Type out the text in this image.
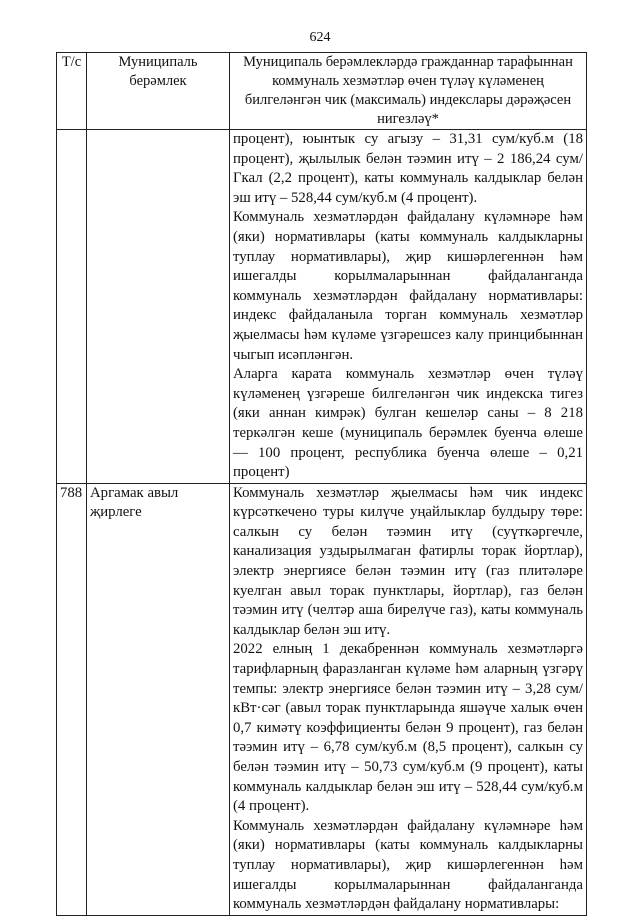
624
Т/с	Муниципаль берәмлек	Муниципаль берәмлекләрдә гражданнар тарафыннан коммуналь хезмәтләр өчен түләү күләменең билгеләнгән чик (максималь) индекслары дәрәҗәсен нигезләү*

		процент), юынтык су агызу – 31,31 сум/куб.м (18 процент), җылылык белән тәэмин итү – 2 186,24 сум/Гкал (2,2 процент), каты коммуналь калдыклар белән эш итү – 528,44 сум/куб.м (4 процент).

Коммуналь хезмәтләрдән файдалану күләмнәре һәм (яки) нормативлары (каты коммуналь калдыкларны туплау нормативлары), җир кишәрлегеннән һәм ишегалды корылмаларыннан файдаланганда коммуналь хезмәтләрдән файдалану нормативлары: индекс файдаланыла торган коммуналь хезмәтләр җыелмасы һәм күләме үзгәрешсез калу принцибыннан чыгып исәпләнгән.

Аларга карата коммуналь хезмәтләр өчен түләү күләменең үзгәреше билгеләнгән чик индекска тигез (яки аннан кимрәк) булган кешеләр саны – 8 218 теркәлгән кеше (муниципаль берәмлек буенча өлеше — 100 процент, республика буенча өлеше – 0,21 процент)

788	Аргамак авыл җирлеге	Коммуналь хезмәтләр җыелмасы һәм чик индекс күрсәткечено туры килүче уңайлыклар булдыру төре: салкын су белән тәэмин итү (суүткәргечле, канализация уздырылмаган фатирлы торак йортлар), электр энергиясе белән тәэмин итү (газ плитәләре куелган авыл торак пунктлары, йортлар), газ белән тәэмин итү (челтәр аша бирелүче газ), каты коммуналь калдыклар белән эш итү.

2022 елның 1 декабреннән коммуналь хезмәтләргә тарифларның фаразланган күләме һәм аларның үзгәрү темпы: электр энергиясе белән тәэмин итү – 3,28 сум/кВт·сәг (авыл торак пунктларында яшәүче халык өчен 0,7 кимәтү коэффициенты белән 9 процент), газ белән тәэмин итү – 6,78 сум/куб.м (8,5 процент), салкын су белән тәэмин итү – 50,73 сум/куб.м (9 процент), каты коммуналь калдыклар белән эш итү – 528,44 сум/куб.м (4 процент).

Коммуналь хезмәтләрдән файдалану күләмнәре һәм (яки) нормативлары (каты коммуналь калдыкларны туплау нормативлары), җир кишәрлегеннән һәм ишегалды корылмаларыннан файдаланганда коммуналь хезмәтләрдән файдалану нормативлары:
